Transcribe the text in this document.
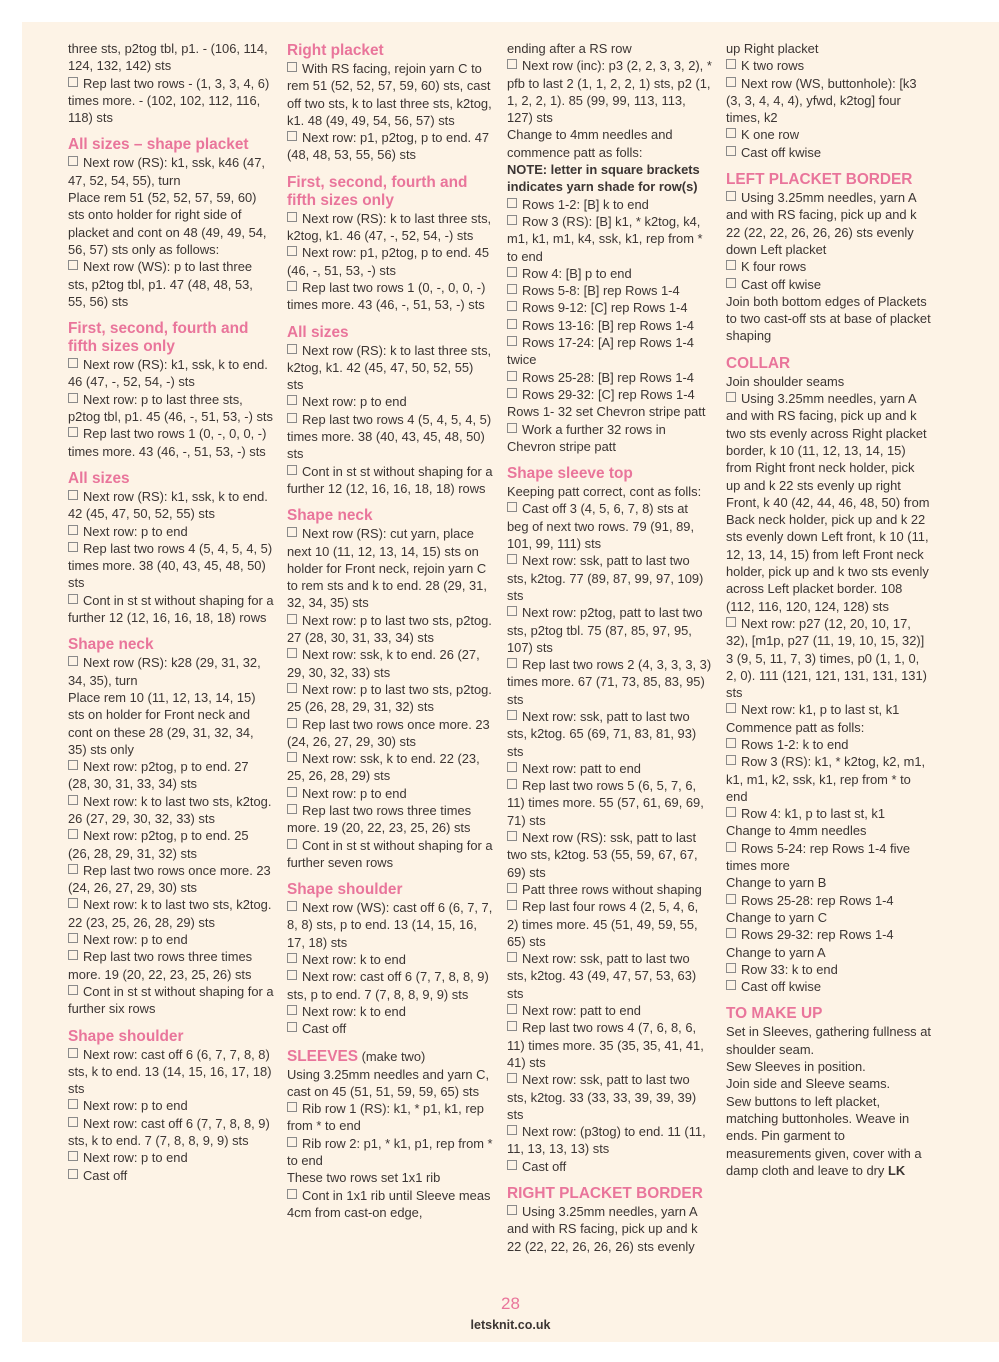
three sts, p2tog tbl, p1. - (106, 114, 124, 132, 142) sts
Rep last two rows - (1, 3, 3, 4, 6) times more. - (102, 102, 112, 116, 118) sts
All sizes – shape placket
Next row (RS): k1, ssk, k46 (47, 47, 52, 54, 55), turn
Place rem 51 (52, 52, 57, 59, 60) sts onto holder for right side of placket and cont on 48 (49, 49, 54, 56, 57) sts only as follows:
Next row (WS): p to last three sts, p2tog tbl, p1. 47 (48, 48, 53, 55, 56) sts
First, second, fourth and fifth sizes only
Next row (RS): k1, ssk, k to end. 46 (47, -, 52, 54, -) sts
Next row: p to last three sts, p2tog tbl, p1. 45 (46, -, 51, 53, -) sts
Rep last two rows 1 (0, -, 0, 0, -) times more. 43 (46, -, 51, 53, -) sts
All sizes
Next row (RS): k1, ssk, k to end. 42 (45, 47, 50, 52, 55) sts
Next row: p to end
Rep last two rows 4 (5, 4, 5, 4, 5) times more. 38 (40, 43, 45, 48, 50) sts
Cont in st st without shaping for a further 12 (12, 16, 16, 18, 18) rows
Shape neck
Next row (RS): k28 (29, 31, 32, 34, 35), turn
Place rem 10 (11, 12, 13, 14, 15) sts on holder for Front neck and cont on these 28 (29, 31, 32, 34, 35) sts only
Next row: p2tog, p to end. 27 (28, 30, 31, 33, 34) sts
Next row: k to last two sts, k2tog. 26 (27, 29, 30, 32, 33) sts
Next row: p2tog, p to end. 25 (26, 28, 29, 31, 32) sts
Rep last two rows once more. 23 (24, 26, 27, 29, 30) sts
Next row: k to last two sts, k2tog. 22 (23, 25, 26, 28, 29) sts
Next row: p to end
Rep last two rows three times more. 19 (20, 22, 23, 25, 26) sts
Cont in st st without shaping for a further six rows
Shape shoulder
Next row: cast off 6 (6, 7, 7, 8, 8) sts, k to end. 13 (14, 15, 16, 17, 18) sts
Next row: p to end
Next row: cast off 6 (7, 7, 8, 8, 9) sts, k to end. 7 (7, 8, 8, 9, 9) sts
Next row: p to end
Cast off
Right placket
With RS facing, rejoin yarn C to rem 51 (52, 52, 57, 59, 60) sts, cast off two sts, k to last three sts, k2tog, k1. 48 (49, 49, 54, 56, 57) sts
Next row: p1, p2tog, p to end. 47 (48, 48, 53, 55, 56) sts
First, second, fourth and fifth sizes only
Next row (RS): k to last three sts, k2tog, k1. 46 (47, -, 52, 54, -) sts
Next row: p1, p2tog, p to end. 45 (46, -, 51, 53, -) sts
Rep last two rows 1 (0, -, 0, 0, -) times more. 43 (46, -, 51, 53, -) sts
All sizes
Next row (RS): k to last three sts, k2tog, k1. 42 (45, 47, 50, 52, 55) sts
Next row: p to end
Rep last two rows 4 (5, 4, 5, 4, 5) times more. 38 (40, 43, 45, 48, 50) sts
Cont in st st without shaping for a further 12 (12, 16, 16, 18, 18) rows
Shape neck
Next row (RS): cut yarn, place next 10 (11, 12, 13, 14, 15) sts on holder for Front neck, rejoin yarn C to rem sts and k to end. 28 (29, 31, 32, 34, 35) sts
Next row: p to last two sts, p2tog. 27 (28, 30, 31, 33, 34) sts
Next row: ssk, k to end. 26 (27, 29, 30, 32, 33) sts
Next row: p to last two sts, p2tog. 25 (26, 28, 29, 31, 32) sts
Rep last two rows once more. 23 (24, 26, 27, 29, 30) sts
Next row: ssk, k to end. 22 (23, 25, 26, 28, 29) sts
Next row: p to end
Rep last two rows three times more. 19 (20, 22, 23, 25, 26) sts
Cont in st st without shaping for a further seven rows
Shape shoulder
Next row (WS): cast off 6 (6, 7, 7, 8, 8) sts, p to end. 13 (14, 15, 16, 17, 18) sts
Next row: k to end
Next row: cast off 6 (7, 7, 8, 8, 9) sts, p to end. 7 (7, 8, 8, 9, 9) sts
Next row: k to end
Cast off
SLEEVES (make two)
Using 3.25mm needles and yarn C, cast on 45 (51, 51, 59, 59, 65) sts
Rib row 1 (RS): k1, * p1, k1, rep from * to end
Rib row 2: p1, * k1, p1, rep from * to end
These two rows set 1x1 rib
Cont in 1x1 rib until Sleeve meas 4cm from cast-on edge,
ending after a RS row
Next row (inc): p3 (2, 2, 3, 3, 2), * pfb to last 2 (1, 1, 2, 2, 1) sts, p2 (1, 1, 2, 2, 1). 85 (99, 99, 113, 113, 127) sts
Change to 4mm needles and commence patt as folls:
NOTE: letter in square brackets indicates yarn shade for row(s)
Rows 1-2: [B] k to end
Row 3 (RS): [B] k1, * k2tog, k4, m1, k1, m1, k4, ssk, k1, rep from * to end
Row 4: [B] p to end
Rows 5-8: [B] rep Rows 1-4
Rows 9-12: [C] rep Rows 1-4
Rows 13-16: [B] rep Rows 1-4
Rows 17-24: [A] rep Rows 1-4 twice
Rows 25-28: [B] rep Rows 1-4
Rows 29-32: [C] rep Rows 1-4
Rows 1- 32 set Chevron stripe patt
Work a further 32 rows in Chevron stripe patt
Shape sleeve top
Keeping patt correct, cont as folls:
Cast off 3 (4, 5, 6, 7, 8) sts at beg of next two rows. 79 (91, 89, 101, 99, 111) sts
Next row: ssk, patt to last two sts, k2tog. 77 (89, 87, 99, 97, 109) sts
Next row: p2tog, patt to last two sts, p2tog tbl. 75 (87, 85, 97, 95, 107) sts
Rep last two rows 2 (4, 3, 3, 3, 3) times more. 67 (71, 73, 85, 83, 95) sts
Next row: ssk, patt to last two sts, k2tog. 65 (69, 71, 83, 81, 93) sts
Next row: patt to end
Rep last two rows 5 (6, 5, 7, 6, 11) times more. 55 (57, 61, 69, 69, 71) sts
Next row (RS): ssk, patt to last two sts, k2tog. 53 (55, 59, 67, 67, 69) sts
Patt three rows without shaping
Rep last four rows 4 (2, 5, 4, 6, 2) times more. 45 (51, 49, 59, 55, 65) sts
Next row: ssk, patt to last two sts, k2tog. 43 (49, 47, 57, 53, 63) sts
Next row: patt to end
Rep last two rows 4 (7, 6, 8, 6, 11) times more. 35 (35, 35, 41, 41, 41) sts
Next row: ssk, patt to last two sts, k2tog. 33 (33, 33, 39, 39, 39) sts
Next row: (p3tog) to end. 11 (11, 11, 13, 13, 13) sts
Cast off
RIGHT PLACKET BORDER
Using 3.25mm needles, yarn A and with RS facing, pick up and k 22 (22, 22, 26, 26, 26) sts evenly
up Right placket
K two rows
Next row (WS, buttonhole): [k3 (3, 3, 4, 4, 4), yfwd, k2tog] four times, k2
K one row
Cast off kwise
LEFT PLACKET BORDER
Using 3.25mm needles, yarn A and with RS facing, pick up and k 22 (22, 22, 26, 26, 26) sts evenly down Left placket
K four rows
Cast off kwise
Join both bottom edges of Plackets to two cast-off sts at base of placket shaping
COLLAR
Join shoulder seams
Using 3.25mm needles, yarn A and with RS facing, pick up and k two sts evenly across Right placket border, k 10 (11, 12, 13, 14, 15) from Right front neck holder, pick up and k 22 sts evenly up right Front, k 40 (42, 44, 46, 48, 50) from Back neck holder, pick up and k 22 sts evenly down Left front, k 10 (11, 12, 13, 14, 15) from left Front neck holder, pick up and k two sts evenly across Left placket border. 108 (112, 116, 120, 124, 128) sts
Next row: p27 (12, 20, 10, 17, 32), [m1p, p27 (11, 19, 10, 15, 32)] 3 (9, 5, 11, 7, 3) times, p0 (1, 1, 0, 2, 0). 111 (121, 121, 131, 131, 131) sts
Next row: k1, p to last st, k1
Commence patt as folls:
Rows 1-2: k to end
Row 3 (RS): k1, * k2tog, k2, m1, k1, m1, k2, ssk, k1, rep from * to end
Row 4: k1, p to last st, k1
Change to 4mm needles
Rows 5-24: rep Rows 1-4 five times more
Change to yarn B
Rows 25-28: rep Rows 1-4
Change to yarn C
Rows 29-32: rep Rows 1-4
Change to yarn A
Row 33: k to end
Cast off kwise
TO MAKE UP
Set in Sleeves, gathering fullness at shoulder seam.
Sew Sleeves in position.
Join side and Sleeve seams.
Sew buttons to left placket, matching buttonholes. Weave in ends. Pin garment to measurements given, cover with a damp cloth and leave to dry LK
28
letsknit.co.uk
